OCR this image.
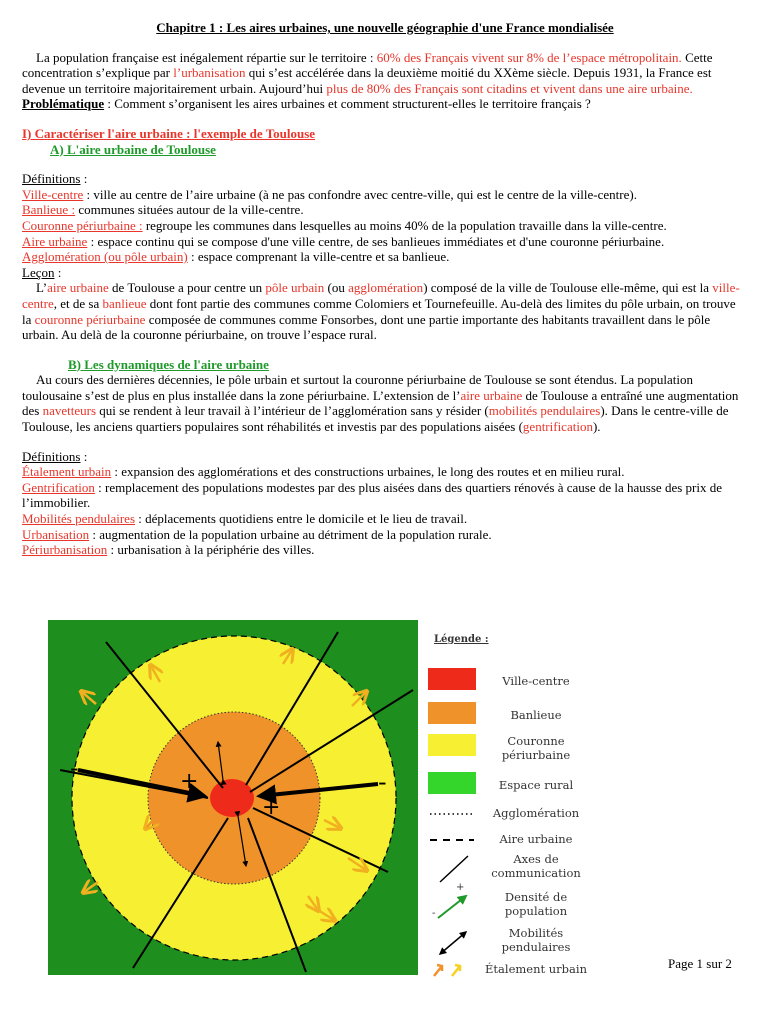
Chapitre 1 : Les aires urbaines, une nouvelle géographie d'une France mondialisée

La population française est inégalement répartie sur le territoire : 60% des Français vivent sur 8% de l’espace métropolitain. Cette concentration s’explique par l’urbanisation qui s’est accélérée dans la deuxième moitié du XXème siècle. Depuis 1931, la France est devenue un territoire majoritairement urbain. Aujourd’hui plus de 80% des Français sont citadins et vivent dans une aire urbaine.

Problématique : Comment s’organisent les aires urbaines et comment structurent-elles le territoire français ?

I) Caractériser l'aire urbaine : l'exemple de Toulouse

A) L'aire urbaine de Toulouse

Définitions :

Ville-centre : ville au centre de l’aire urbaine (à ne pas confondre avec centre-ville, qui est le centre de la ville-centre).

Banlieue : communes situées autour de la ville-centre.

Couronne périurbaine : regroupe les communes dans lesquelles au moins 40% de la population travaille dans la ville-centre.

Aire urbaine : espace continu qui se compose d'une ville centre, de ses banlieues immédiates et d'une couronne périurbaine.

Agglomération (ou pôle urbain) : espace comprenant la ville-centre et sa banlieue.

Leçon :

L’aire urbaine de Toulouse a pour centre un pôle urbain (ou agglomération) composé de la ville de Toulouse elle-même, qui est la ville-centre, et de sa banlieue dont font partie des communes comme Colomiers et Tournefeuille. Au-delà des limites du pôle urbain, on trouve la couronne périurbaine composée de communes comme Fonsorbes, dont une partie importante des habitants travaillent dans le pôle urbain. Au delà de la couronne périurbaine, on trouve l’espace rural.

B) Les dynamiques de l'aire urbaine

Au cours des dernières décennies, le pôle urbain et surtout la couronne périurbaine de Toulouse se sont étendus. La population toulousaine s’est de plus en plus installée dans la zone périurbaine. L’extension de l’aire urbaine de Toulouse a entraîné une augmentation des navetteurs qui se rendent à leur travail à l’intérieur de l’agglomération sans y résider (mobilités pendulaires). Dans le centre-ville de Toulouse, les anciens quartiers populaires sont réhabilités et investis par des populations aisées (gentrification).

Définitions :

Étalement urbain : expansion des agglomérations et des constructions urbaines, le long des routes et en milieu rural.

Gentrification : remplacement des populations modestes par des plus aisées dans des quartiers rénovés à cause de la hausse des prix de l’immobilier.

Mobilités pendulaires : déplacements quotidiens entre le domicile et le lieu de travail.

Urbanisation : augmentation de la population urbaine au détriment de la population rurale.

Périurbanisation : urbanisation à la périphérie des villes.

+
+
-	-
Légende :
Ville-centre
Banlieue
Couronne périurbaine
Espace rural
Agglomération
Aire urbaine
Axes de communication
+
-
Densité de population
Mobilités pendulaires
Étalement urbain	Page 1 sur 2
